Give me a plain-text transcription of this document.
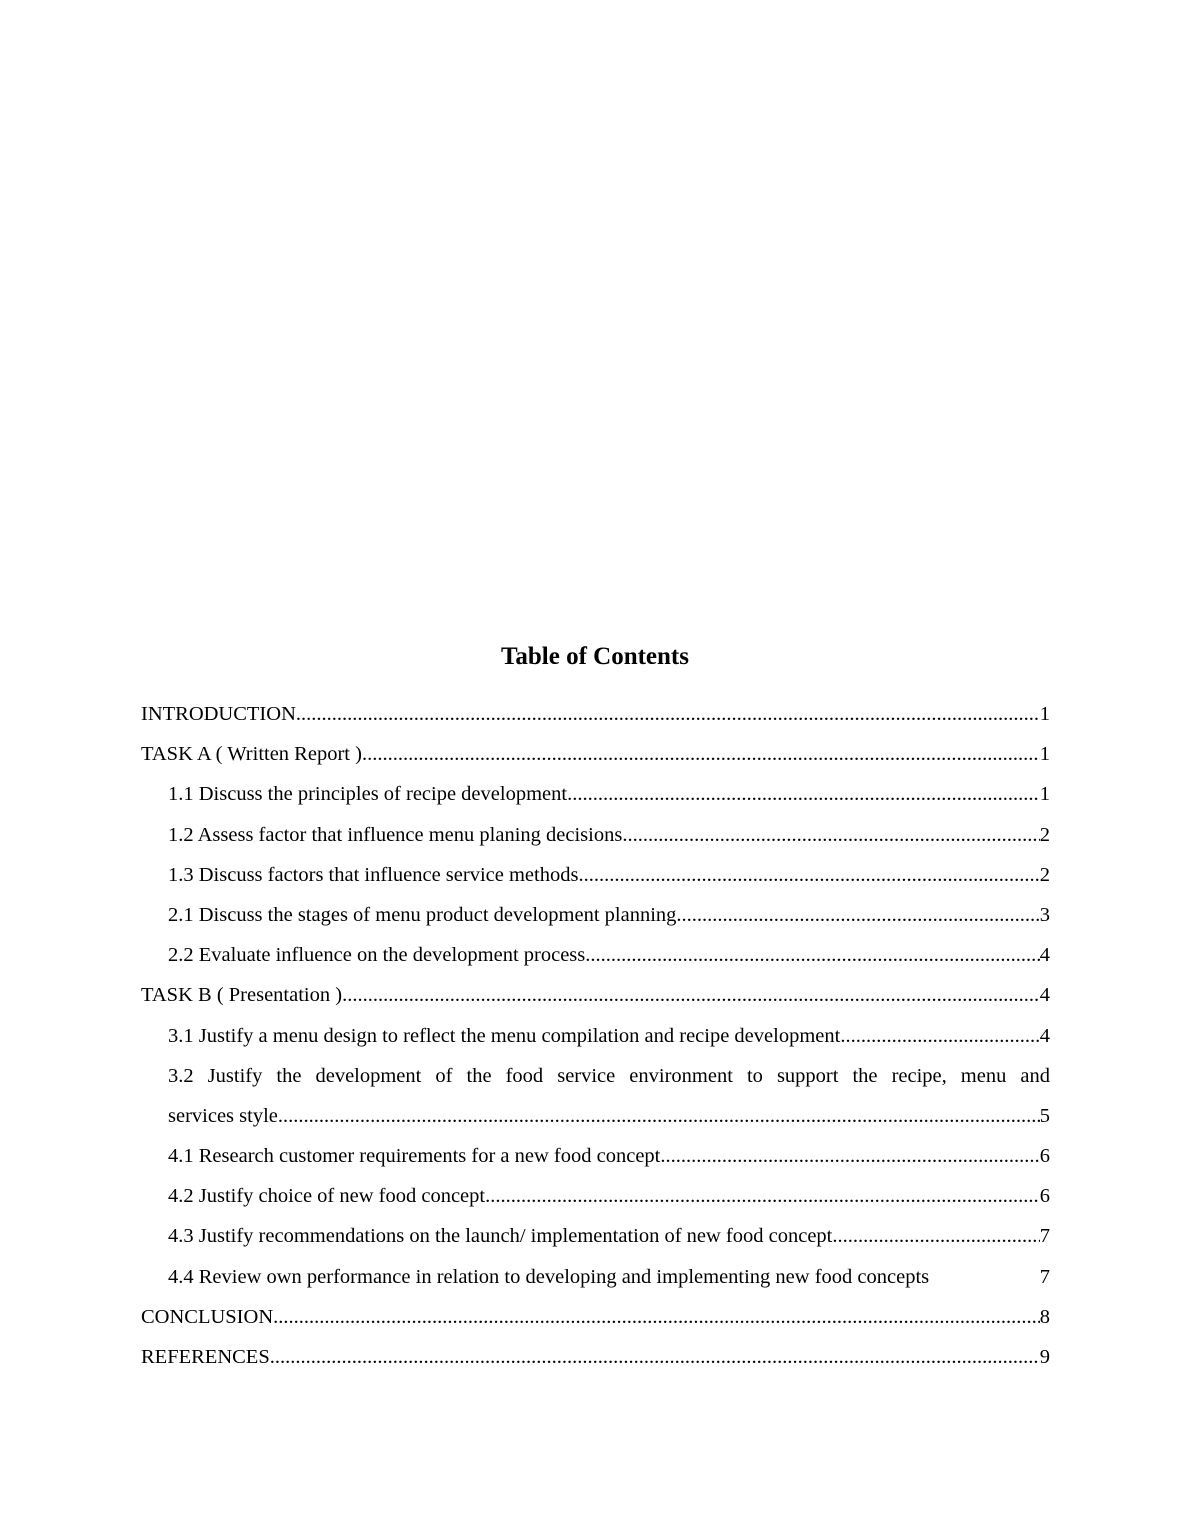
Table of Contents
INTRODUCTION .....	1
TASK A ( Written Report ) .....	1
1.1 Discuss the principles of recipe development .....	1
1.2 Assess factor that influence menu planing decisions .....	2
1.3 Discuss factors that influence service methods .....	2
2.1 Discuss the stages of menu product development planning .....	3
2.2 Evaluate influence on the development process .....	4
TASK B ( Presentation ) .....	4
3.1 Justify a menu design to reflect the menu compilation and recipe development .....	4
3.2 Justify the development of the food service environment to support the recipe, menu and
services style .....	5
4.1 Research customer requirements for a new food concept .....	6
4.2 Justify choice of new food concept .....	6
4.3 Justify recommendations on the launch/ implementation of new food concept .....	7
4.4 Review own performance in relation to developing and implementing new food concepts	7
CONCLUSION .....	8
REFERENCES .....	9
